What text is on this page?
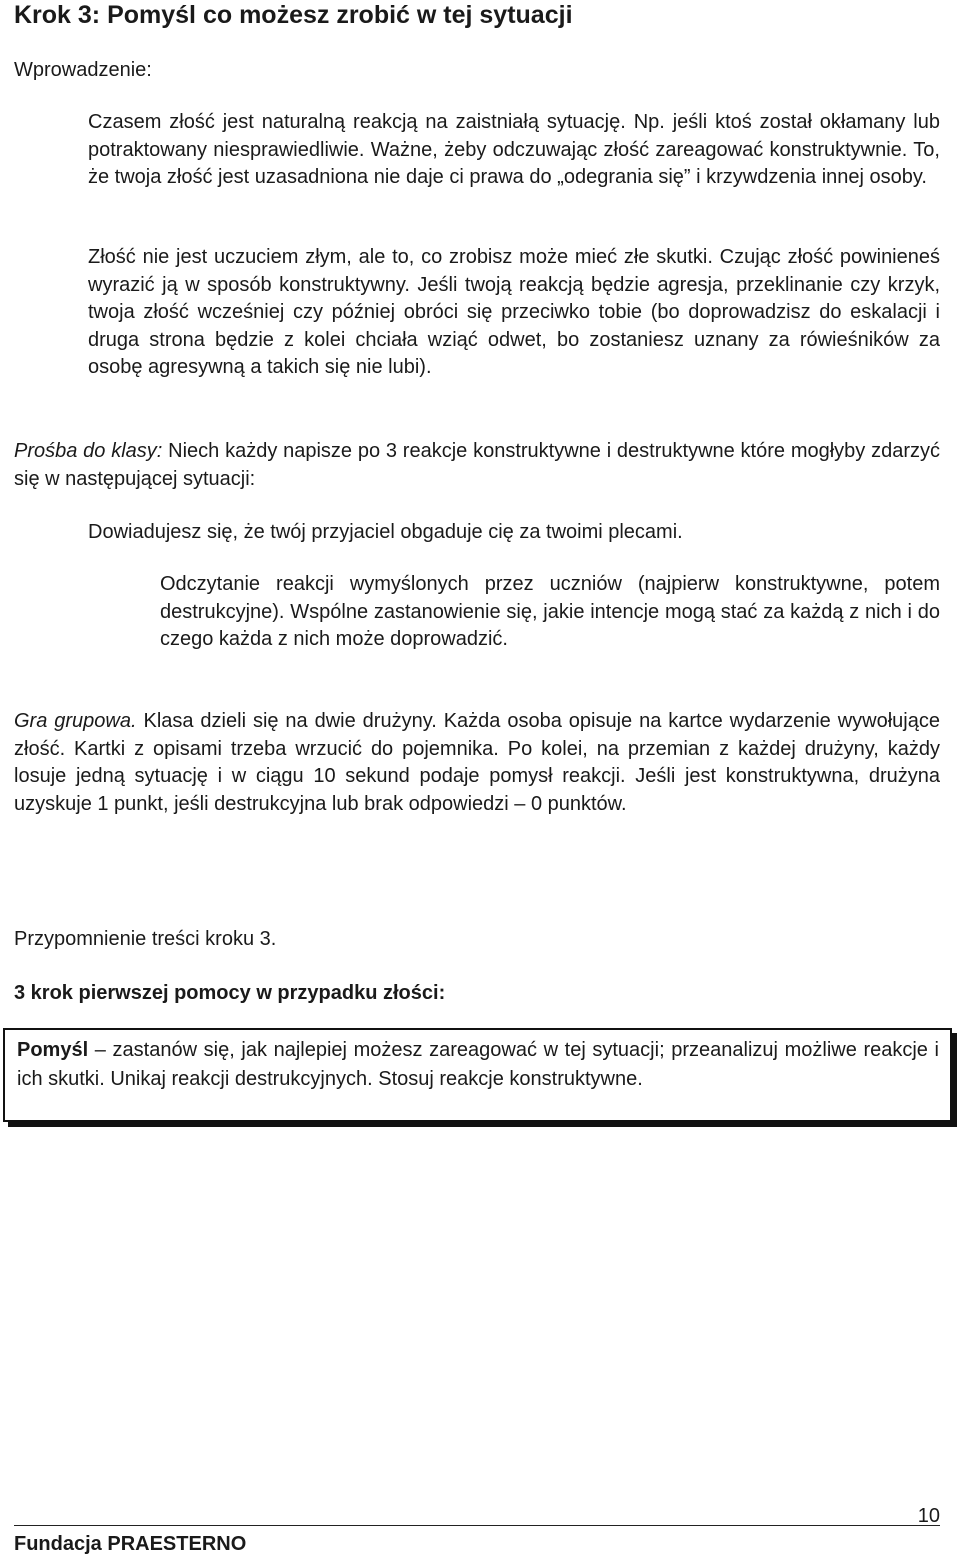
Krok 3: Pomyśl co możesz zrobić w tej sytuacji
Wprowadzenie:

Czasem złość jest naturalną reakcją na zaistniałą sytuację. Np. jeśli ktoś został okłamany lub potraktowany niesprawiedliwie. Ważne, żeby odczuwając złość zareagować konstruktywnie. To, że twoja złość jest uzasadniona nie daje ci prawa do „odegrania się” i krzywdzenia innej osoby.

Złość nie jest uczuciem złym, ale to, co zrobisz może mieć złe skutki. Czując złość powinieneś wyrazić ją w sposób konstruktywny. Jeśli twoją reakcją będzie agresja, przeklinanie czy krzyk, twoja złość wcześniej czy później obróci się przeciwko tobie (bo doprowadzisz do eskalacji i druga strona będzie z kolei chciała wziąć odwet, bo zostaniesz uznany za rówieśników za osobę agresywną a takich się nie lubi).

Prośba do klasy: Niech każdy napisze po 3 reakcje konstruktywne i destruktywne które mogłyby zdarzyć się w następującej sytuacji:

Dowiadujesz się, że twój przyjaciel obgaduje cię za twoimi plecami.

Odczytanie reakcji wymyślonych przez uczniów (najpierw konstruktywne, potem destrukcyjne). Wspólne zastanowienie się, jakie intencje mogą stać za każdą z nich i do czego każda z nich może doprowadzić.

Gra grupowa. Klasa dzieli się na dwie drużyny. Każda osoba opisuje na kartce wydarzenie wywołujące złość. Kartki z opisami trzeba wrzucić do pojemnika. Po kolei, na przemian z każdej drużyny, każdy losuje jedną sytuację i w ciągu 10 sekund podaje pomysł reakcji. Jeśli jest konstruktywna, drużyna uzyskuje 1 punkt, jeśli destrukcyjna lub brak odpowiedzi – 0 punktów.

Przypomnienie treści kroku 3.

3 krok pierwszej pomocy w przypadku złości:

Pomyśl – zastanów się, jak najlepiej możesz zareagować w tej sytuacji; przeanalizuj możliwe reakcje i ich skutki. Unikaj reakcji destrukcyjnych. Stosuj reakcje konstruktywne.

10
Fundacja PRAESTERNO
